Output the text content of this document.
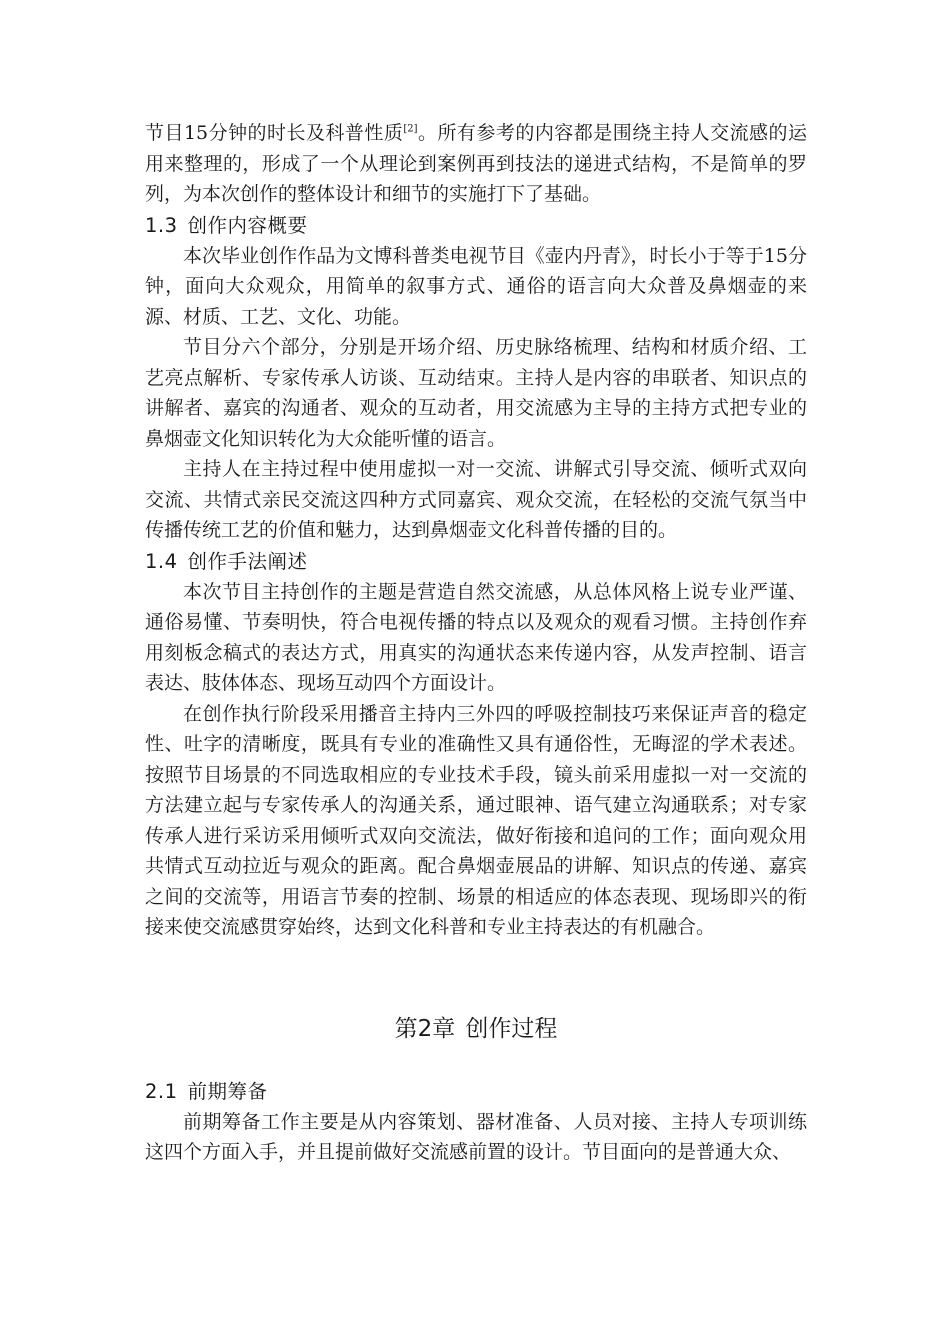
节目15分钟的时长及科普性质[2]。所有参考的内容都是围绕主持人交流感的运用来整理的，形成了一个从理论到案例再到技法的递进式结构，不是简单的罗列，为本次创作的整体设计和细节的实施打下了基础。

1.3 创作内容概要

本次毕业创作作品为文博科普类电视节目《壶内丹青》，时长小于等于15分钟，面向大众观众，用简单的叙事方式、通俗的语言向大众普及鼻烟壶的来源、材质、工艺、文化、功能。

节目分六个部分，分别是开场介绍、历史脉络梳理、结构和材质介绍、工艺亮点解析、专家传承人访谈、互动结束。主持人是内容的串联者、知识点的讲解者、嘉宾的沟通者、观众的互动者，用交流感为主导的主持方式把专业的鼻烟壶文化知识转化为大众能听懂的语言。

主持人在主持过程中使用虚拟一对一交流、讲解式引导交流、倾听式双向交流、共情式亲民交流这四种方式同嘉宾、观众交流，在轻松的交流气氛当中传播传统工艺的价值和魅力，达到鼻烟壶文化科普传播的目的。

1.4 创作手法阐述

本次节目主持创作的主题是营造自然交流感，从总体风格上说专业严谨、通俗易懂、节奏明快，符合电视传播的特点以及观众的观看习惯。主持创作弃用刻板念稿式的表达方式，用真实的沟通状态来传递内容，从发声控制、语言表达、肢体体态、现场互动四个方面设计。

在创作执行阶段采用播音主持内三外四的呼吸控制技巧来保证声音的稳定性、吐字的清晰度，既具有专业的准确性又具有通俗性，无晦涩的学术表述。按照节目场景的不同选取相应的专业技术手段，镜头前采用虚拟一对一交流的方法建立起与专家传承人的沟通关系，通过眼神、语气建立沟通联系；对专家传承人进行采访采用倾听式双向交流法，做好衔接和追问的工作；面向观众用共情式互动拉近与观众的距离。配合鼻烟壶展品的讲解、知识点的传递、嘉宾之间的交流等，用语言节奏的控制、场景的相适应的体态表现、现场即兴的衔接来使交流感贯穿始终，达到文化科普和专业主持表达的有机融合。

第2章 创作过程
2.1 前期筹备

前期筹备工作主要是从内容策划、器材准备、人员对接、主持人专项训练这四个方面入手，并且提前做好交流感前置的设计。节目面向的是普通大众、
